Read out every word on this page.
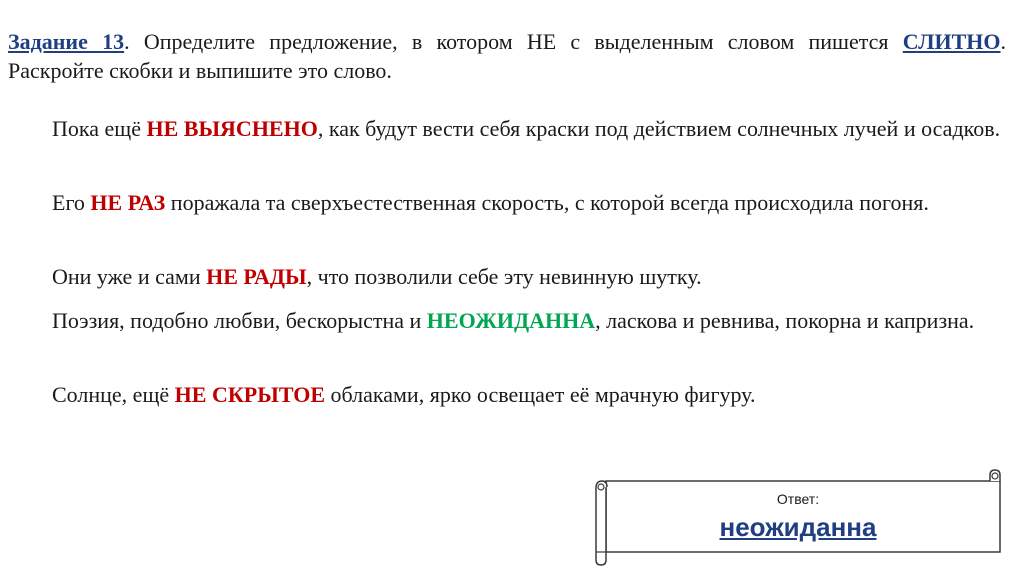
Задание 13. Определите предложение, в котором НЕ с выделенным словом пишется СЛИТНО. Раскройте скобки и выпишите это слово.
Пока ещё НЕ ВЫЯСНЕНО, как будут вести себя краски под действием солнечных лучей и осадков.
Его НЕ РАЗ поражала та сверхъестественная скорость, с которой всегда происходила погоня.
Они уже и сами НЕ РАДЫ, что позволили себе эту невинную шутку.
Поэзия, подобно любви, бескорыстна и НЕОЖИДАННА, ласкова и ревнива, покорна и капризна.
Солнце, ещё НЕ СКРЫТОЕ облаками, ярко освещает её мрачную фигуру.
Ответ:
неожиданна
